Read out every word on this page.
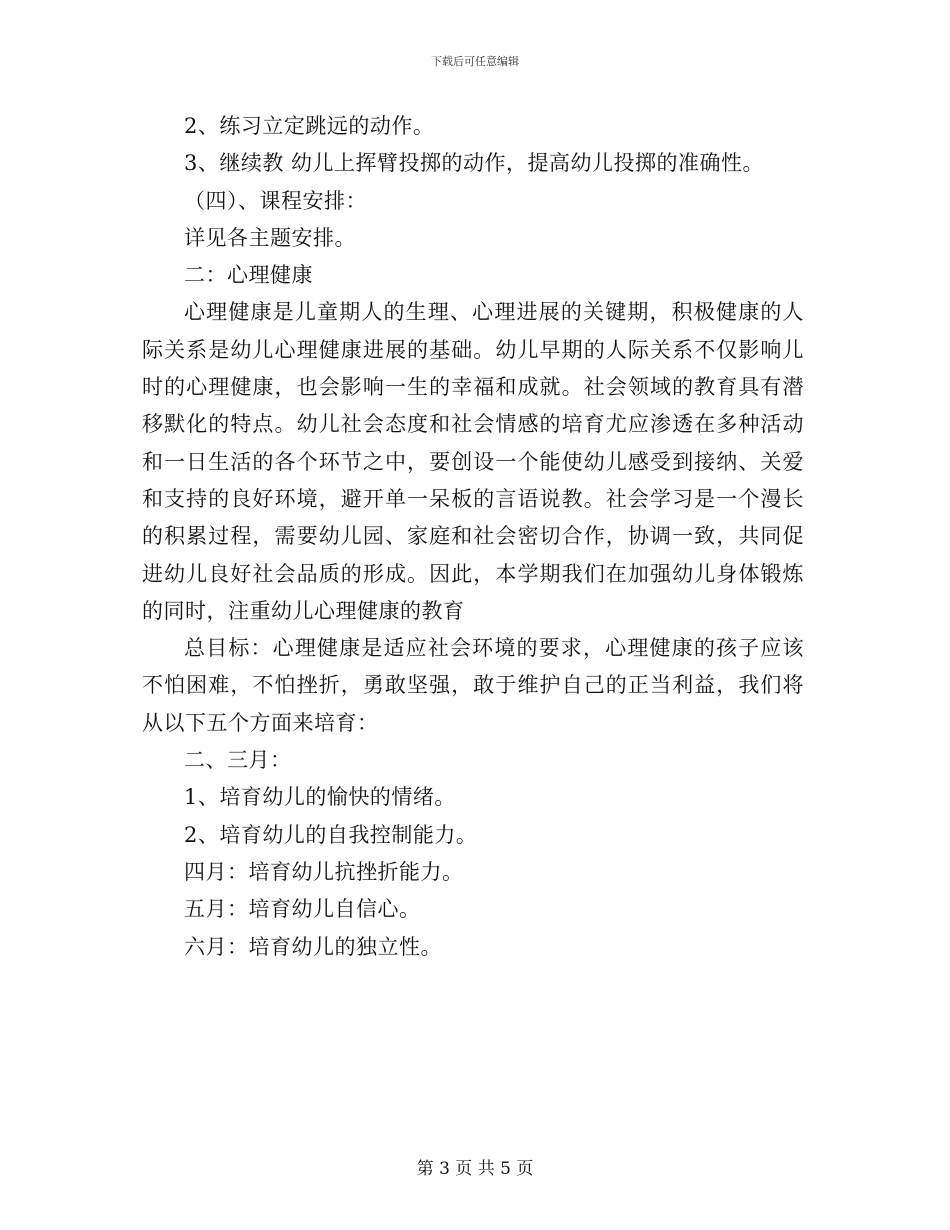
下载后可任意编辑

2、练习立定跳远的动作。

3、继续教 幼儿上挥臂投掷的动作，提高幼儿投掷的准确性。

（四）、课程安排：

详见各主题安排。

二：心理健康

心理健康是儿童期人的生理、心理进展的关键期，积极健康的人际关系是幼儿心理健康进展的基础。幼儿早期的人际关系不仅影响儿时的心理健康，也会影响一生的幸福和成就。社会领域的教育具有潜移默化的特点。幼儿社会态度和社会情感的培育尤应渗透在多种活动和一日生活的各个环节之中，要创设一个能使幼儿感受到接纳、关爱和支持的良好环境，避开单一呆板的言语说教。社会学习是一个漫长的积累过程，需要幼儿园、家庭和社会密切合作，协调一致，共同促进幼儿良好社会品质的形成。因此，本学期我们在加强幼儿身体锻炼的同时，注重幼儿心理健康的教育

总目标：心理健康是适应社会环境的要求，心理健康的孩子应该不怕困难，不怕挫折，勇敢坚强，敢于维护自己的正当利益，我们将从以下五个方面来培育：

二、三月：

1、培育幼儿的愉快的情绪。

2、培育幼儿的自我控制能力。

四月：培育幼儿抗挫折能力。

五月：培育幼儿自信心。

六月：培育幼儿的独立性。

第 3 页 共 5 页
